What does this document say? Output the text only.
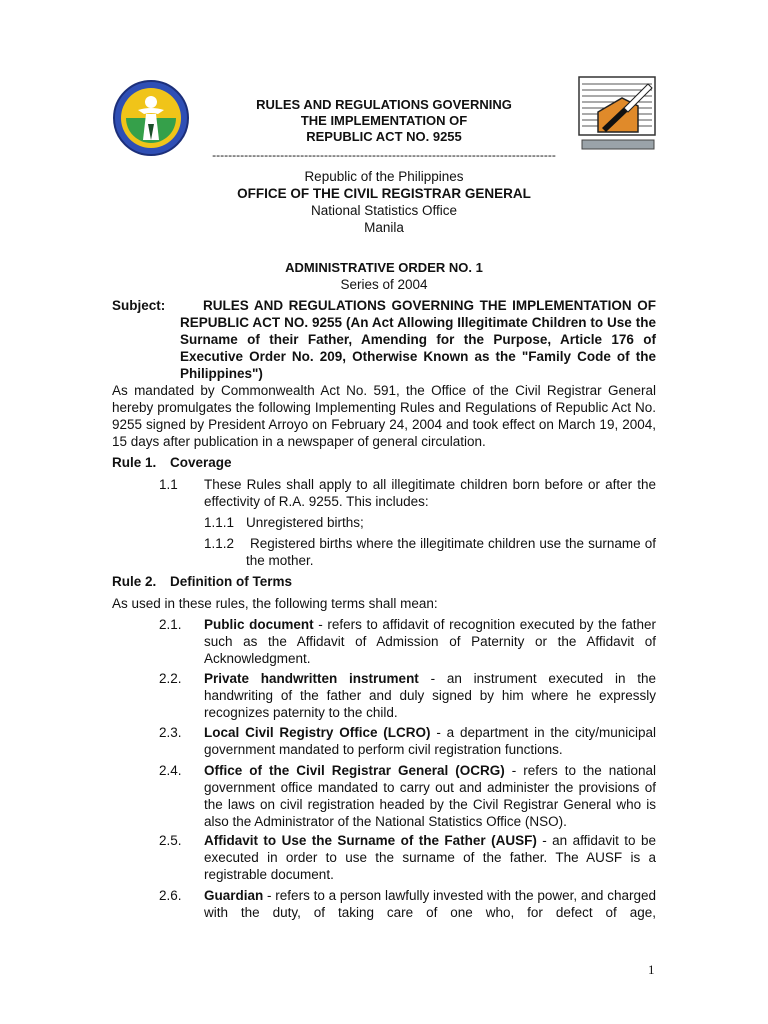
RULES AND REGULATIONS GOVERNING
THE IMPLEMENTATION OF
REPUBLIC ACT NO. 9255
--------------------------------------------------------------------------------------
Republic of the Philippines
OFFICE OF THE CIVIL REGISTRAR GENERAL
National Statistics Office
Manila
ADMINISTRATIVE ORDER NO. 1
Series of 2004
Subject:	RULES AND REGULATIONS GOVERNING THE IMPLEMENTATION OF REPUBLIC ACT NO. 9255 (An Act Allowing Illegitimate Children to Use the Surname of their Father, Amending for the Purpose, Article 176 of Executive Order No. 209, Otherwise Known as the "Family Code of the Philippines")
As mandated by Commonwealth Act No. 591, the Office of the Civil Registrar General hereby promulgates the following Implementing Rules and Regulations of Republic Act No. 9255 signed by President Arroyo on February 24, 2004 and took effect on March 19, 2004, 15 days after publication in a newspaper of general circulation.
Rule 1. Coverage
1.1 These Rules shall apply to all illegitimate children born before or after the effectivity of R.A. 9255. This includes:
1.1.1 Unregistered births;
1.1.2 Registered births where the illegitimate children use the surname of the mother.
Rule 2. Definition of Terms
As used in these rules, the following terms shall mean:
2.1. Public document - refers to affidavit of recognition executed by the father such as the Affidavit of Admission of Paternity or the Affidavit of Acknowledgment.
2.2. Private handwritten instrument - an instrument executed in the handwriting of the father and duly signed by him where he expressly recognizes paternity to the child.
2.3. Local Civil Registry Office (LCRO) - a department in the city/municipal government mandated to perform civil registration functions.
2.4. Office of the Civil Registrar General (OCRG) - refers to the national government office mandated to carry out and administer the provisions of the laws on civil registration headed by the Civil Registrar General who is also the Administrator of the National Statistics Office (NSO).
2.5. Affidavit to Use the Surname of the Father (AUSF) - an affidavit to be executed in order to use the surname of the father. The AUSF is a registrable document.
2.6. Guardian - refers to a person lawfully invested with the power, and charged with the duty, of taking care of one who, for defect of age,
1
